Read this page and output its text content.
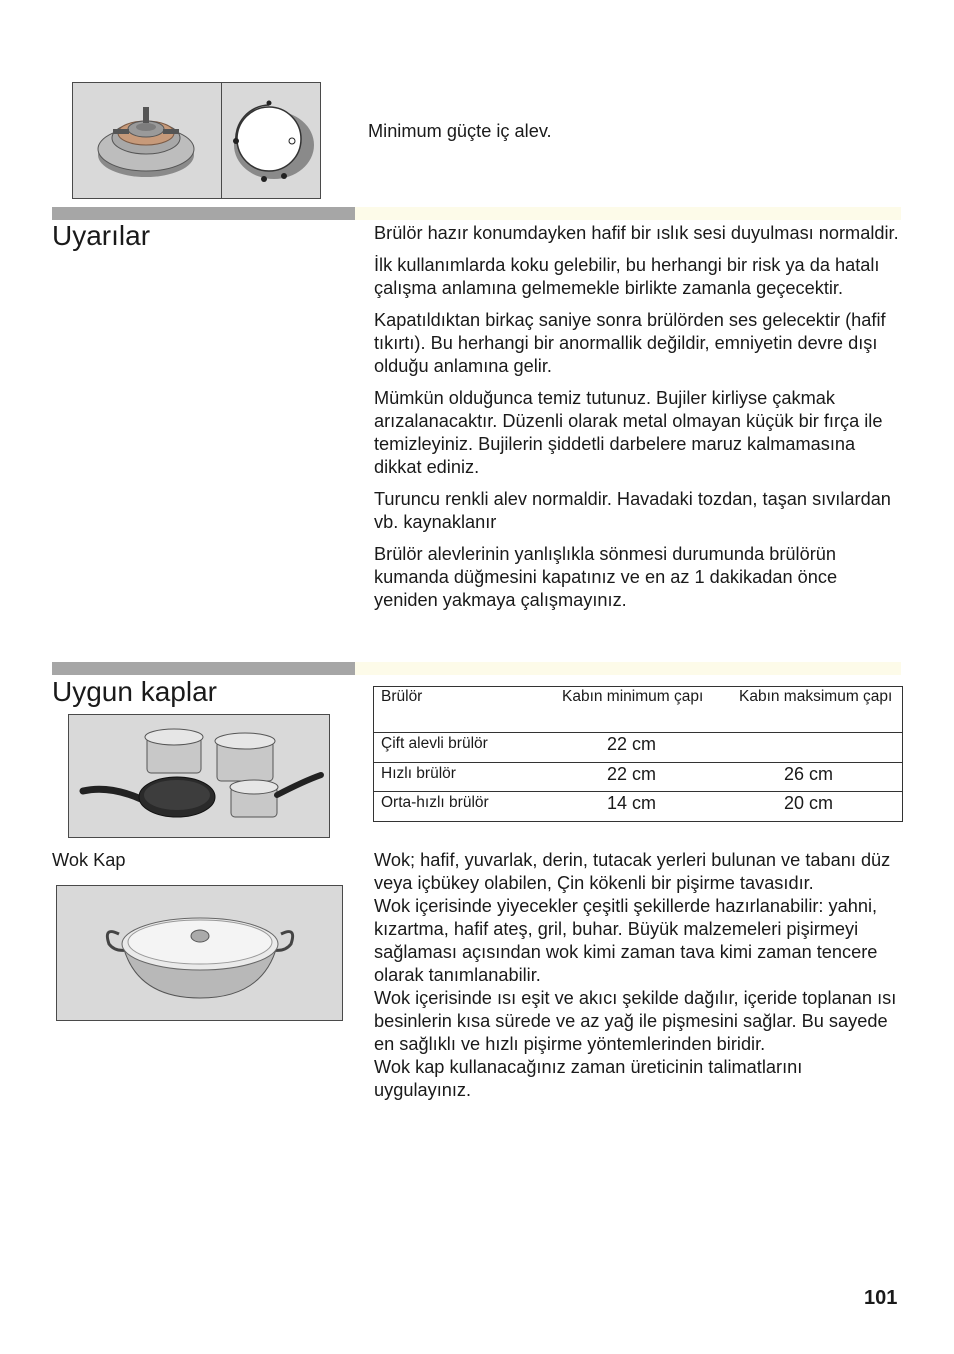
Minimum güçte iç alev.
Uyarılar	Brülör hazır konumdayken hafif bir ıslık sesi duyulması normaldir.

İlk kullanımlarda koku gelebilir, bu herhangi bir risk ya da hatalı çalışma anlamına gelmemekle birlikte zamanla geçecektir.

Kapatıldıktan birkaç saniye sonra brülörden ses gelecektir (hafif tıkırtı). Bu herhangi bir anormallik değildir, emniyetin devre dışı olduğu anlamına gelir.

Mümkün olduğunca temiz tutunuz. Bujiler kirliyse çakmak arızalanacaktır. Düzenli olarak metal olmayan küçük bir fırça ile temizleyiniz. Bujilerin şiddetli darbelere maruz kalmamasına dikkat ediniz.

Turuncu renkli alev normaldir. Havadaki tozdan, taşan sıvılardan vb. kaynaklanır

Brülör alevlerinin yanlışlıkla sönmesi durumunda brülörün kumanda düğmesini kapatınız ve en az 1 dakikadan önce yeniden yakmaya çalışmayınız.

Uygun kaplar	Brülör	Kabın minimum çapı	Kabın maksimum çapı
Çift alevli brülör	22 cm	
Hızlı brülör	22 cm	26 cm
Orta-hızlı brülör	14 cm	20 cm
Wok Kap	Wok; hafif, yuvarlak, derin, tutacak yerleri bulunan ve tabanı düz veya içbükey olabilen, Çin kökenli bir pişirme tavasıdır.

Wok içerisinde yiyecekler çeşitli şekillerde hazırlanabilir: yahni, kızartma, hafif ateş, gril, buhar. Büyük malzemeleri pişirmeyi sağlaması açısından wok kimi zaman tava kimi zaman tencere olarak tanımlanabilir.

Wok içerisinde ısı eşit ve akıcı şekilde dağılır, içeride toplanan ısı besinlerin kısa sürede ve az yağ ile pişmesini sağlar. Bu sayede en sağlıklı ve hızlı pişirme yöntemlerinden biridir.

Wok kap kullanacağınız zaman üreticinin talimatlarını uygulayınız.

101
